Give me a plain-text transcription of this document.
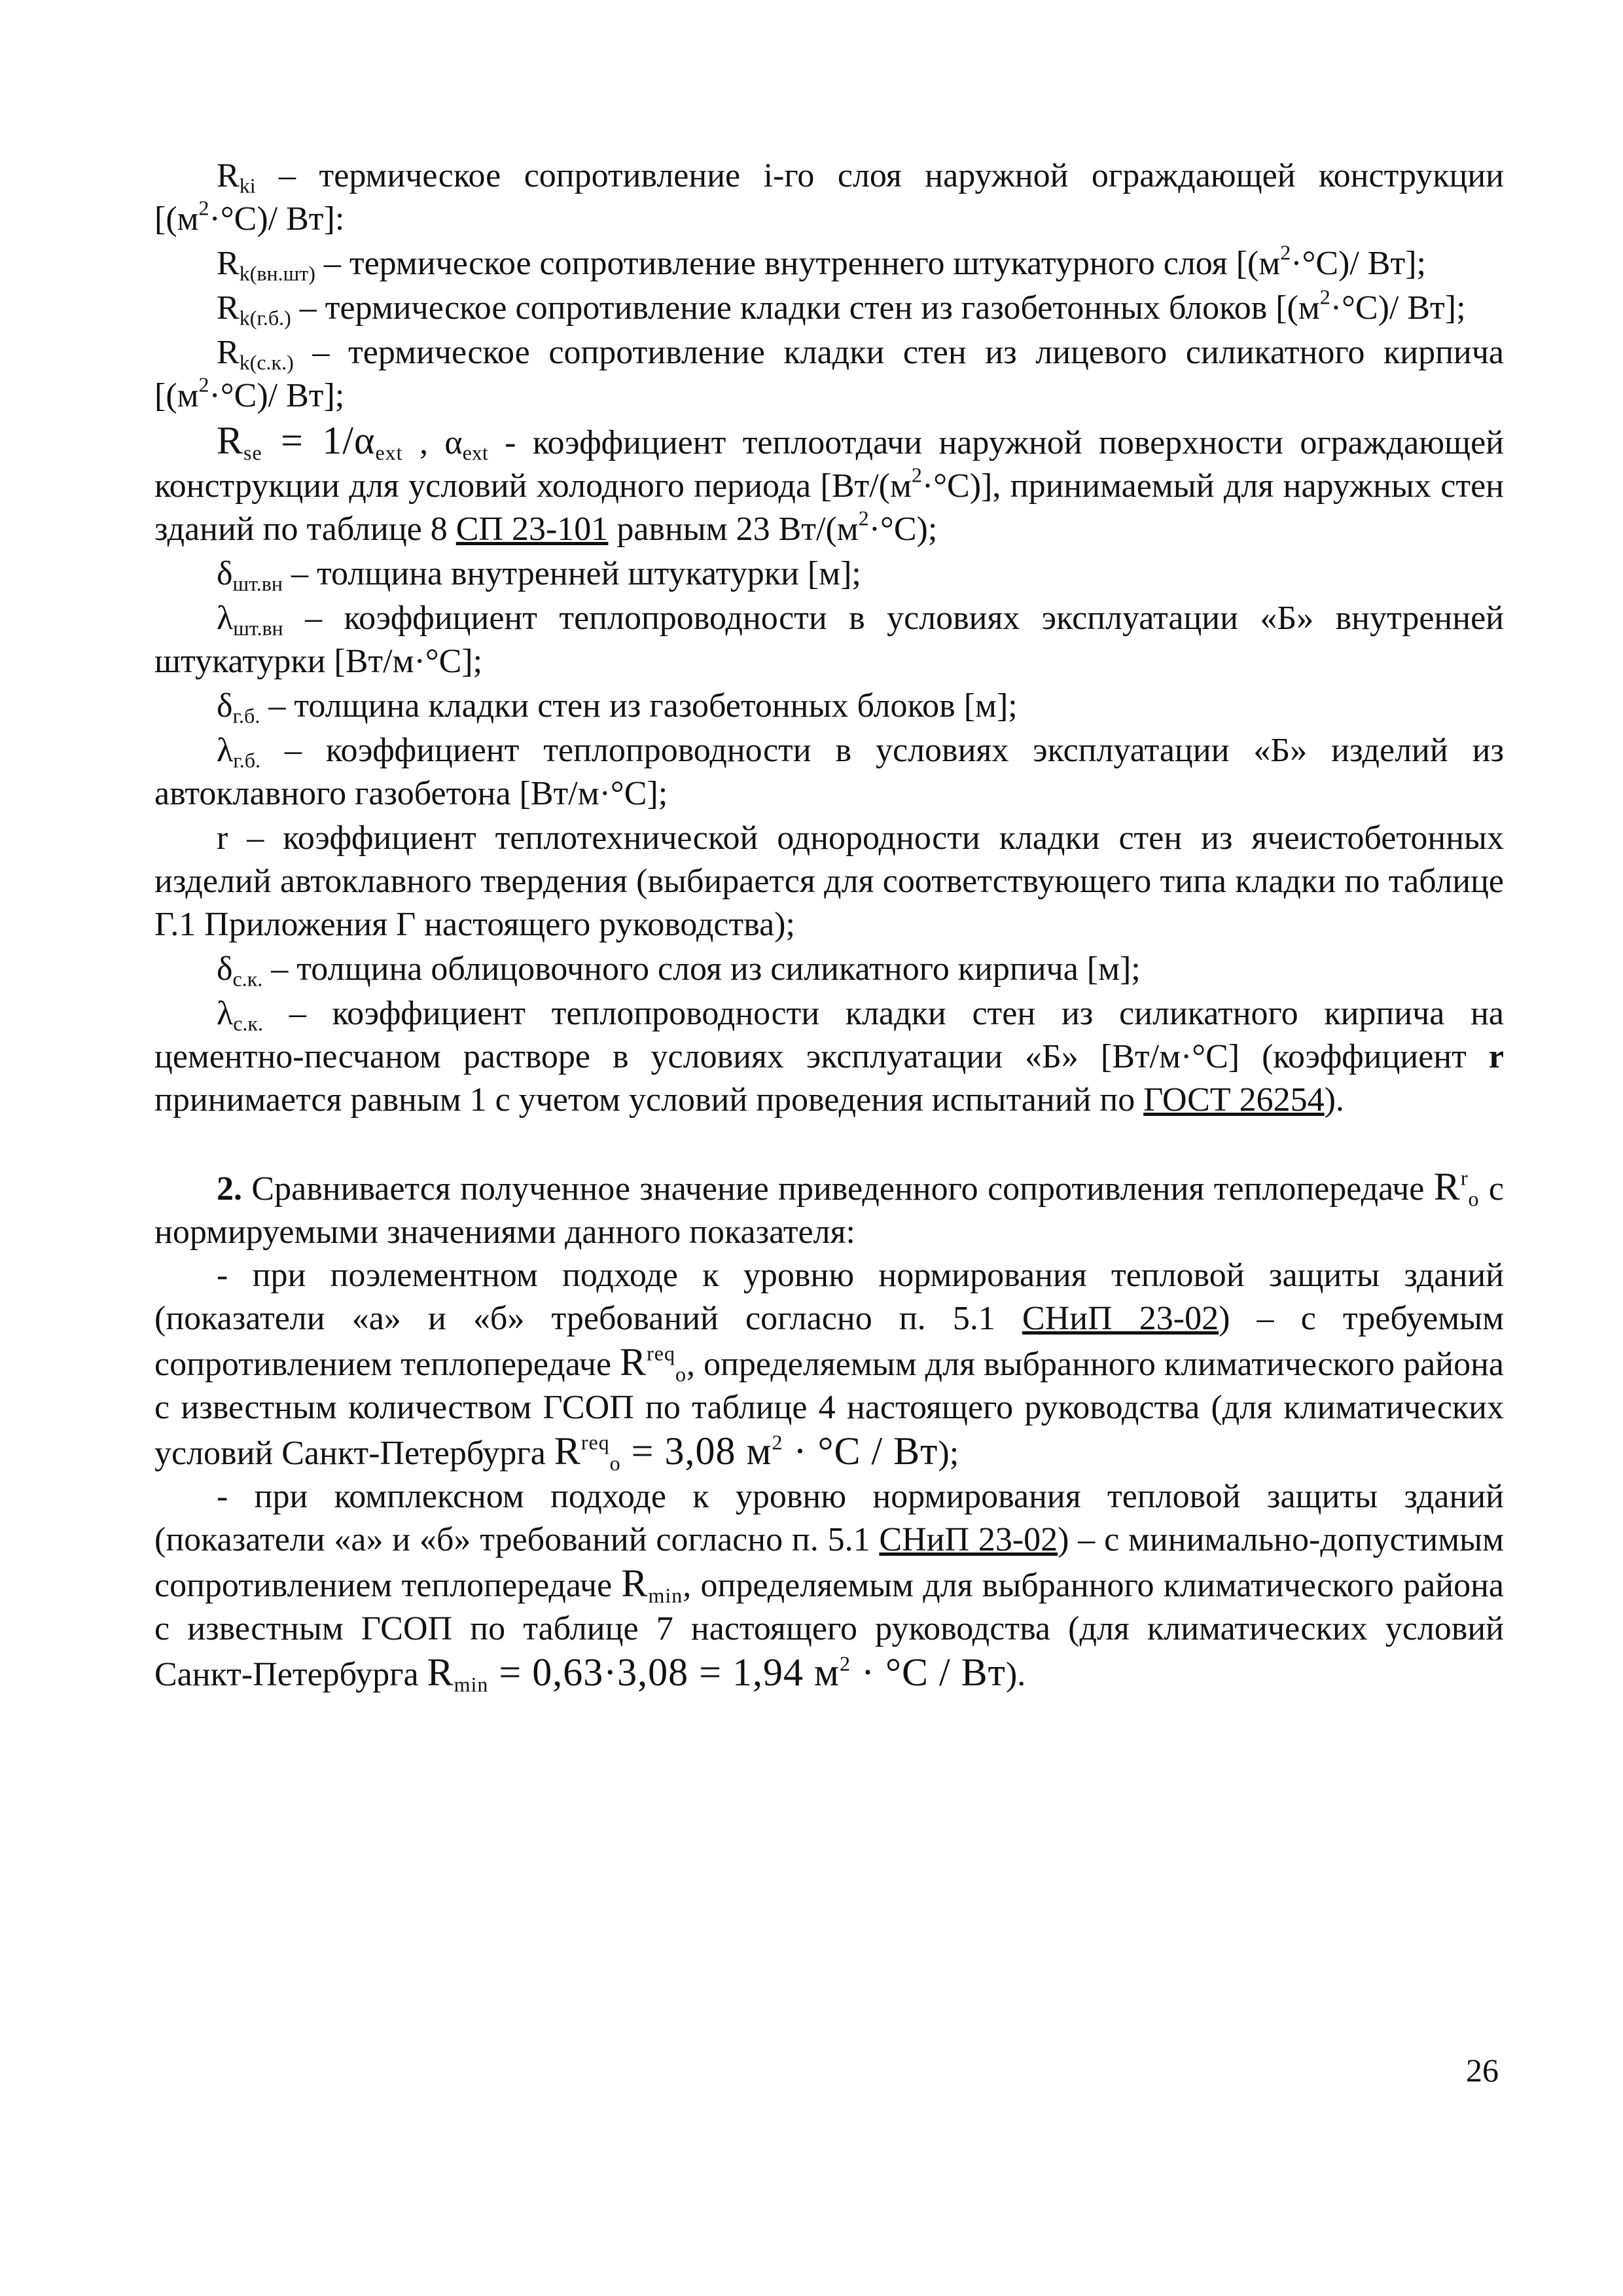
$R_{ki}$ – термическое сопротивление i-го слоя наружной ограждающей конструкции [$(м^2\cdot^\circ С)/$ Вт]:

$R_{k(вн.шт)}$ – термическое сопротивление внутреннего штукатурного слоя [$(м^2\cdot^\circ С)/$ Вт];

$R_{k(г.б.)}$ – термическое сопротивление кладки стен из газобетонных блоков [$(м^2\cdot^\circ С)/$ Вт];

$R_{k(с.к.)}$ – термическое сопротивление кладки стен из лицевого силикатного кирпича [$(м^2\cdot^\circ С)/$ Вт];

$R_{se} = 1/\alpha_{ext}$ , $\alpha_{ext}$ - коэффициент теплоотдачи наружной поверхности ограждающей конструкции для условий холодного периода $[Вт/(м^2\cdot^\circ С)]$, принимаемый для наружных стен зданий по таблице 8 СП 23-101 равным 23 $Вт/(м^2\cdot^\circ С)$;

$\delta_{шт.вн}$ – толщина внутренней штукатурки [м];

$\lambda_{шт.вн}$ – коэффициент теплопроводности в условиях эксплуатации «Б» внутренней штукатурки [Вт/м·°С];

$\delta_{г.б.}$ – толщина кладки стен из газобетонных блоков [м];

$\lambda_{г.б.}$ – коэффициент теплопроводности в условиях эксплуатации «Б» изделий из автоклавного газобетона [Вт/м·°С];

r – коэффициент теплотехнической однородности кладки стен из ячеистобетонных изделий автоклавного твердения (выбирается для соответствующего типа кладки по таблице Г.1 Приложения Г настоящего руководства);

$\delta_{с.к.}$ – толщина облицовочного слоя из силикатного кирпича [м];

$\lambda_{с.к.}$ – коэффициент теплопроводности кладки стен из силикатного кирпича на цементно-песчаном растворе в условиях эксплуатации «Б» [Вт/м·°С] (коэффициент r принимается равным 1 с учетом условий проведения испытаний по ГОСТ 26254).

2. Сравнивается полученное значение приведенного сопротивления теплопередаче $R^r_o$ с нормируемыми значениями данного показателя:

- при поэлементном подходе к уровню нормирования тепловой защиты зданий (показатели «а» и «б» требований согласно п. 5.1 СНиП 23-02) – с требуемым сопротивлением теплопередаче $R^{req}_o$, определяемым для выбранного климатического района с известным количеством ГСОП по таблице 4 настоящего руководства (для климатических условий Санкт-Петербурга $R^{req}_o = 3,08$ $м^2 \cdot ^\circ С / Вт$);

- при комплексном подходе к уровню нормирования тепловой защиты зданий (показатели «а» и «б» требований согласно п. 5.1 СНиП 23-02) – с минимально-допустимым сопротивлением теплопередаче $R_{min}$, определяемым для выбранного климатического района с известным ГСОП по таблице 7 настоящего руководства (для климатических условий Санкт-Петербурга $R_{min} = 0,63\cdot 3,08 = 1,94$ $м^2 \cdot ^\circ С / Вт$).

26
